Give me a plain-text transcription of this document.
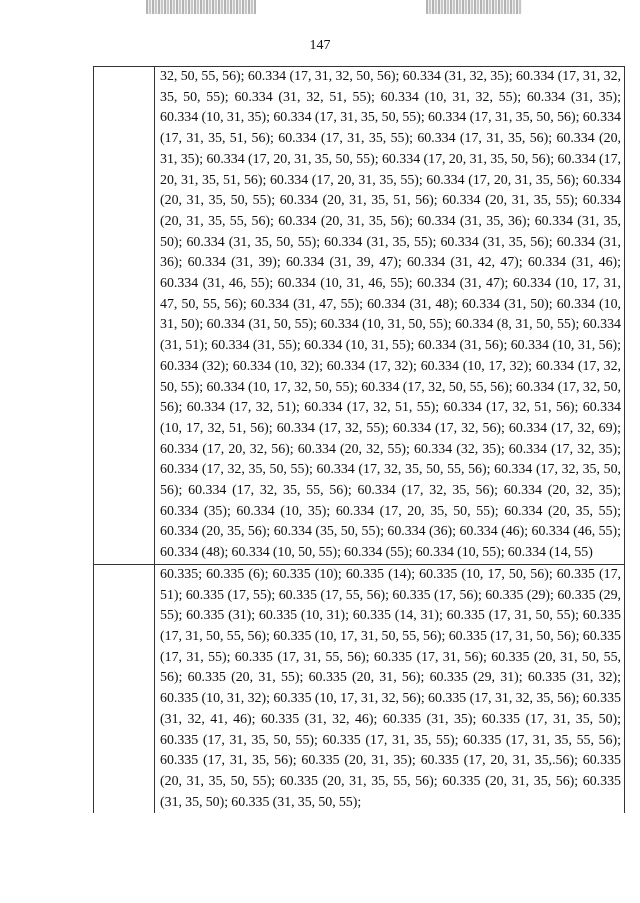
147

	32, 50, 55, 56); 60.334 (17, 31, 32, 50, 56); 60.334 (31, 32, 35); 60.334 (17, 31, 32, 35, 50, 55); 60.334 (31, 32, 51, 55); 60.334 (10, 31, 32, 55); 60.334 (31, 35); 60.334 (10, 31, 35); 60.334 (17, 31, 35, 50, 55); 60.334 (17, 31, 35, 50, 56); 60.334 (17, 31, 35, 51, 56); 60.334 (17, 31, 35, 55); 60.334 (17, 31, 35, 56); 60.334 (20, 31, 35); 60.334 (17, 20, 31, 35, 50, 55); 60.334 (17, 20, 31, 35, 50, 56); 60.334 (17, 20, 31, 35, 51, 56); 60.334 (17, 20, 31, 35, 55); 60.334 (17, 20, 31, 35, 56); 60.334 (20, 31, 35, 50, 55); 60.334 (20, 31, 35, 51, 56); 60.334 (20, 31, 35, 55); 60.334 (20, 31, 35, 55, 56); 60.334 (20, 31, 35, 56); 60.334 (31, 35, 36); 60.334 (31, 35, 50); 60.334 (31, 35, 50, 55); 60.334 (31, 35, 55); 60.334 (31, 35, 56); 60.334 (31, 36); 60.334 (31, 39); 60.334 (31, 39, 47); 60.334 (31, 42, 47); 60.334 (31, 46); 60.334 (31, 46, 55); 60.334 (10, 31, 46, 55); 60.334 (31, 47); 60.334 (10, 17, 31, 47, 50, 55, 56); 60.334 (31, 47, 55); 60.334 (31, 48); 60.334 (31, 50); 60.334 (10, 31, 50); 60.334 (31, 50, 55); 60.334 (10, 31, 50, 55); 60.334 (8, 31, 50, 55); 60.334 (31, 51); 60.334 (31, 55); 60.334 (10, 31, 55); 60.334 (31, 56); 60.334 (10, 31, 56); 60.334 (32); 60.334 (10, 32); 60.334 (17, 32); 60.334 (10, 17, 32); 60.334 (17, 32, 50, 55); 60.334 (10, 17, 32, 50, 55); 60.334 (17, 32, 50, 55, 56); 60.334 (17, 32, 50, 56); 60.334 (17, 32, 51); 60.334 (17, 32, 51, 55); 60.334 (17, 32, 51, 56); 60.334 (10, 17, 32, 51, 56); 60.334 (17, 32, 55); 60.334 (17, 32, 56); 60.334 (17, 32, 69); 60.334 (17, 20, 32, 56); 60.334 (20, 32, 55); 60.334 (32, 35); 60.334 (17, 32, 35); 60.334 (17, 32, 35, 50, 55); 60.334 (17, 32, 35, 50, 55, 56); 60.334 (17, 32, 35, 50, 56); 60.334 (17, 32, 35, 55, 56); 60.334 (17, 32, 35, 56); 60.334 (20, 32, 35); 60.334 (35); 60.334 (10, 35); 60.334 (17, 20, 35, 50, 55); 60.334 (20, 35, 55); 60.334 (20, 35, 56); 60.334 (35, 50, 55); 60.334 (36); 60.334 (46); 60.334 (46, 55); 60.334 (48); 60.334 (10, 50, 55); 60.334 (55); 60.334 (10, 55); 60.334 (14, 55)

	60.335; 60.335 (6); 60.335 (10); 60.335 (14); 60.335 (10, 17, 50, 56); 60.335 (17, 51); 60.335 (17, 55); 60.335 (17, 55, 56); 60.335 (17, 56); 60.335 (29); 60.335 (29, 55); 60.335 (31); 60.335 (10, 31); 60.335 (14, 31); 60.335 (17, 31, 50, 55); 60.335 (17, 31, 50, 55, 56); 60.335 (10, 17, 31, 50, 55, 56); 60.335 (17, 31, 50, 56); 60.335 (17, 31, 55); 60.335 (17, 31, 55, 56); 60.335 (17, 31, 56); 60.335 (20, 31, 50, 55, 56); 60.335 (20, 31, 55); 60.335 (20, 31, 56); 60.335 (29, 31); 60.335 (31, 32); 60.335 (10, 31, 32); 60.335 (10, 17, 31, 32, 56); 60.335 (17, 31, 32, 35, 56); 60.335 (31, 32, 41, 46); 60.335 (31, 32, 46); 60.335 (31, 35); 60.335 (17, 31, 35, 50); 60.335 (17, 31, 35, 50, 55); 60.335 (17, 31, 35, 55); 60.335 (17, 31, 35, 55, 56); 60.335 (17, 31, 35, 56); 60.335 (20, 31, 35); 60.335 (17, 20, 31, 35,.56); 60.335 (20, 31, 35, 50, 55); 60.335 (20, 31, 35, 55, 56); 60.335 (20, 31, 35, 56); 60.335 (31, 35, 50); 60.335 (31, 35, 50, 55);
